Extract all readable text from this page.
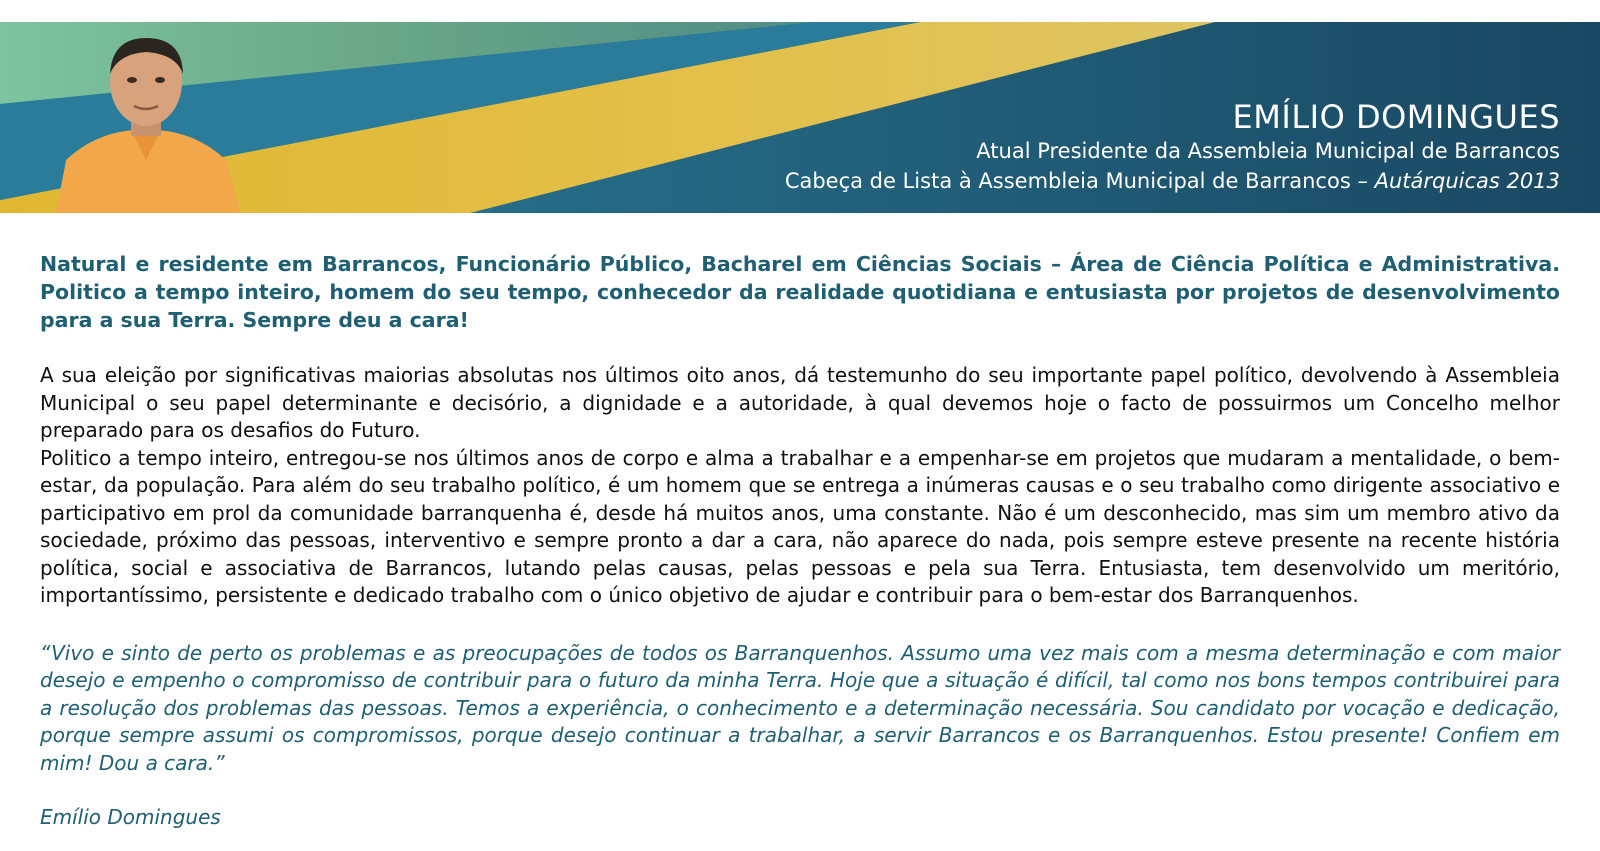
EMÍLIO DOMINGUES
Atual Presidente da Assembleia Municipal de Barrancos
Cabeça de Lista à Assembleia Municipal de Barrancos – Autárquicas 2013

Natural e residente em Barrancos, Funcionário Público, Bacharel em Ciências Sociais – Área de Ciência Política e Administrativa. Politico a tempo inteiro, homem do seu tempo, conhecedor da realidade quotidiana e entusiasta por projetos de desenvolvimento para a sua Terra. Sempre deu a cara!

A sua eleição por significativas maiorias absolutas nos últimos oito anos, dá testemunho do seu importante papel político, devolvendo à Assembleia Municipal o seu papel determinante e decisório, a dignidade e a autoridade, à qual devemos hoje o facto de possuirmos um Concelho melhor preparado para os desafios do Futuro.

Politico a tempo inteiro, entregou-se nos últimos anos de corpo e alma a trabalhar e a empenhar-se em projetos que mudaram a mentalidade, o bem-estar, da população. Para além do seu trabalho político, é um homem que se entrega a inúmeras causas e o seu trabalho como dirigente associativo e participativo em prol da comunidade barranquenha é, desde há muitos anos, uma constante. Não é um desconhecido, mas sim um membro ativo da sociedade, próximo das pessoas, interventivo e sempre pronto a dar a cara, não aparece do nada, pois sempre esteve presente na recente história política, social e associativa de Barrancos, lutando pelas causas, pelas pessoas e pela sua Terra. Entusiasta, tem desenvolvido um meritório, importantíssimo, persistente e dedicado trabalho com o único objetivo de ajudar e contribuir para o bem-estar dos Barranquenhos.

“Vivo e sinto de perto os problemas e as preocupações de todos os Barranquenhos. Assumo uma vez mais com a mesma determinação e com maior desejo e empenho o compromisso de contribuir para o futuro da minha Terra. Hoje que a situação é difícil, tal como nos bons tempos contribuirei para a resolução dos problemas das pessoas. Temos a experiência, o conhecimento e a determinação necessária. Sou candidato por vocação e dedicação, porque sempre assumi os compromissos, porque desejo continuar a trabalhar, a servir Barrancos e os Barranquenhos. Estou presente! Confiem em mim! Dou a cara.”

Emílio Domingues
